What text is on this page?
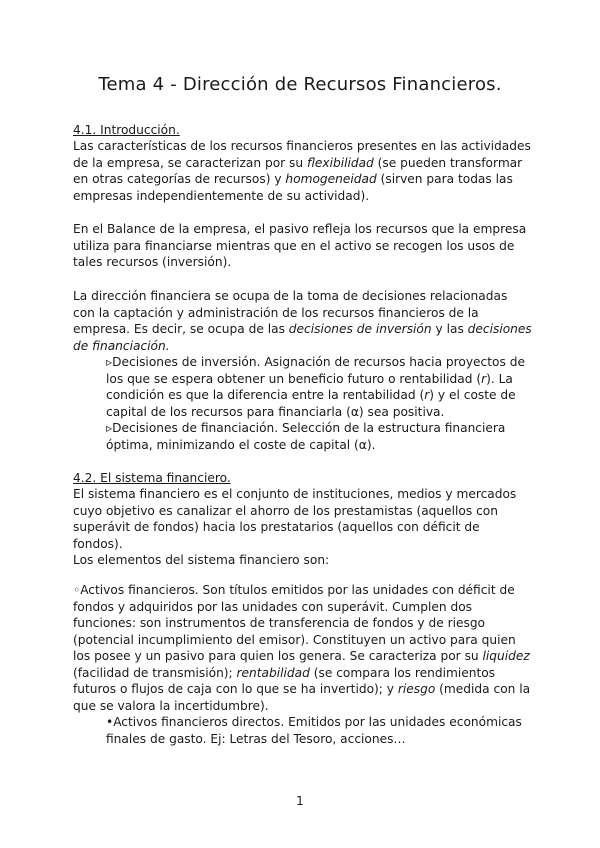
Tema 4 - Dirección de Recursos Financieros.
4.1. Introducción.

Las características de los recursos financieros presentes en las actividades de la empresa, se caracterizan por su flexibilidad (se pueden transformar en otras categorías de recursos) y homogeneidad (sirven para todas las empresas independientemente de su actividad).

En el Balance de la empresa, el pasivo refleja los recursos que la empresa utiliza para financiarse mientras que en el activo se recogen los usos de tales recursos (inversión).

La dirección financiera se ocupa de la toma de decisiones relacionadas con la captación y administración de los recursos financieros de la empresa. Es decir, se ocupa de las decisiones de inversión y las decisiones de financiación.

▹Decisiones de inversión. Asignación de recursos hacia proyectos de los que se espera obtener un beneficio futuro o rentabilidad (r). La condición es que la diferencia entre la rentabilidad (r) y el coste de capital de los recursos para financiarla (α) sea positiva.

▹Decisiones de financiación. Selección de la estructura financiera óptima, minimizando el coste de capital (α).

4.2. El sistema financiero.

El sistema financiero es el conjunto de instituciones, medios y mercados cuyo objetivo es canalizar el ahorro de los prestamistas (aquellos con superávit de fondos) hacia los prestatarios (aquellos con déficit de fondos).

Los elementos del sistema financiero son:

◦Activos financieros. Son títulos emitidos por las unidades con déficit de fondos y adquiridos por las unidades con superávit. Cumplen dos funciones: son instrumentos de transferencia de fondos y de riesgo (potencial incumplimiento del emisor). Constituyen un activo para quien los posee y un pasivo para quien los genera. Se caracteriza por su liquidez (facilidad de transmisión); rentabilidad (se compara los rendimientos futuros o flujos de caja con lo que se ha invertido); y riesgo (medida con la que se valora la incertidumbre).

•Activos financieros directos. Emitidos por las unidades económicas finales de gasto. Ej: Letras del Tesoro, acciones…

1
